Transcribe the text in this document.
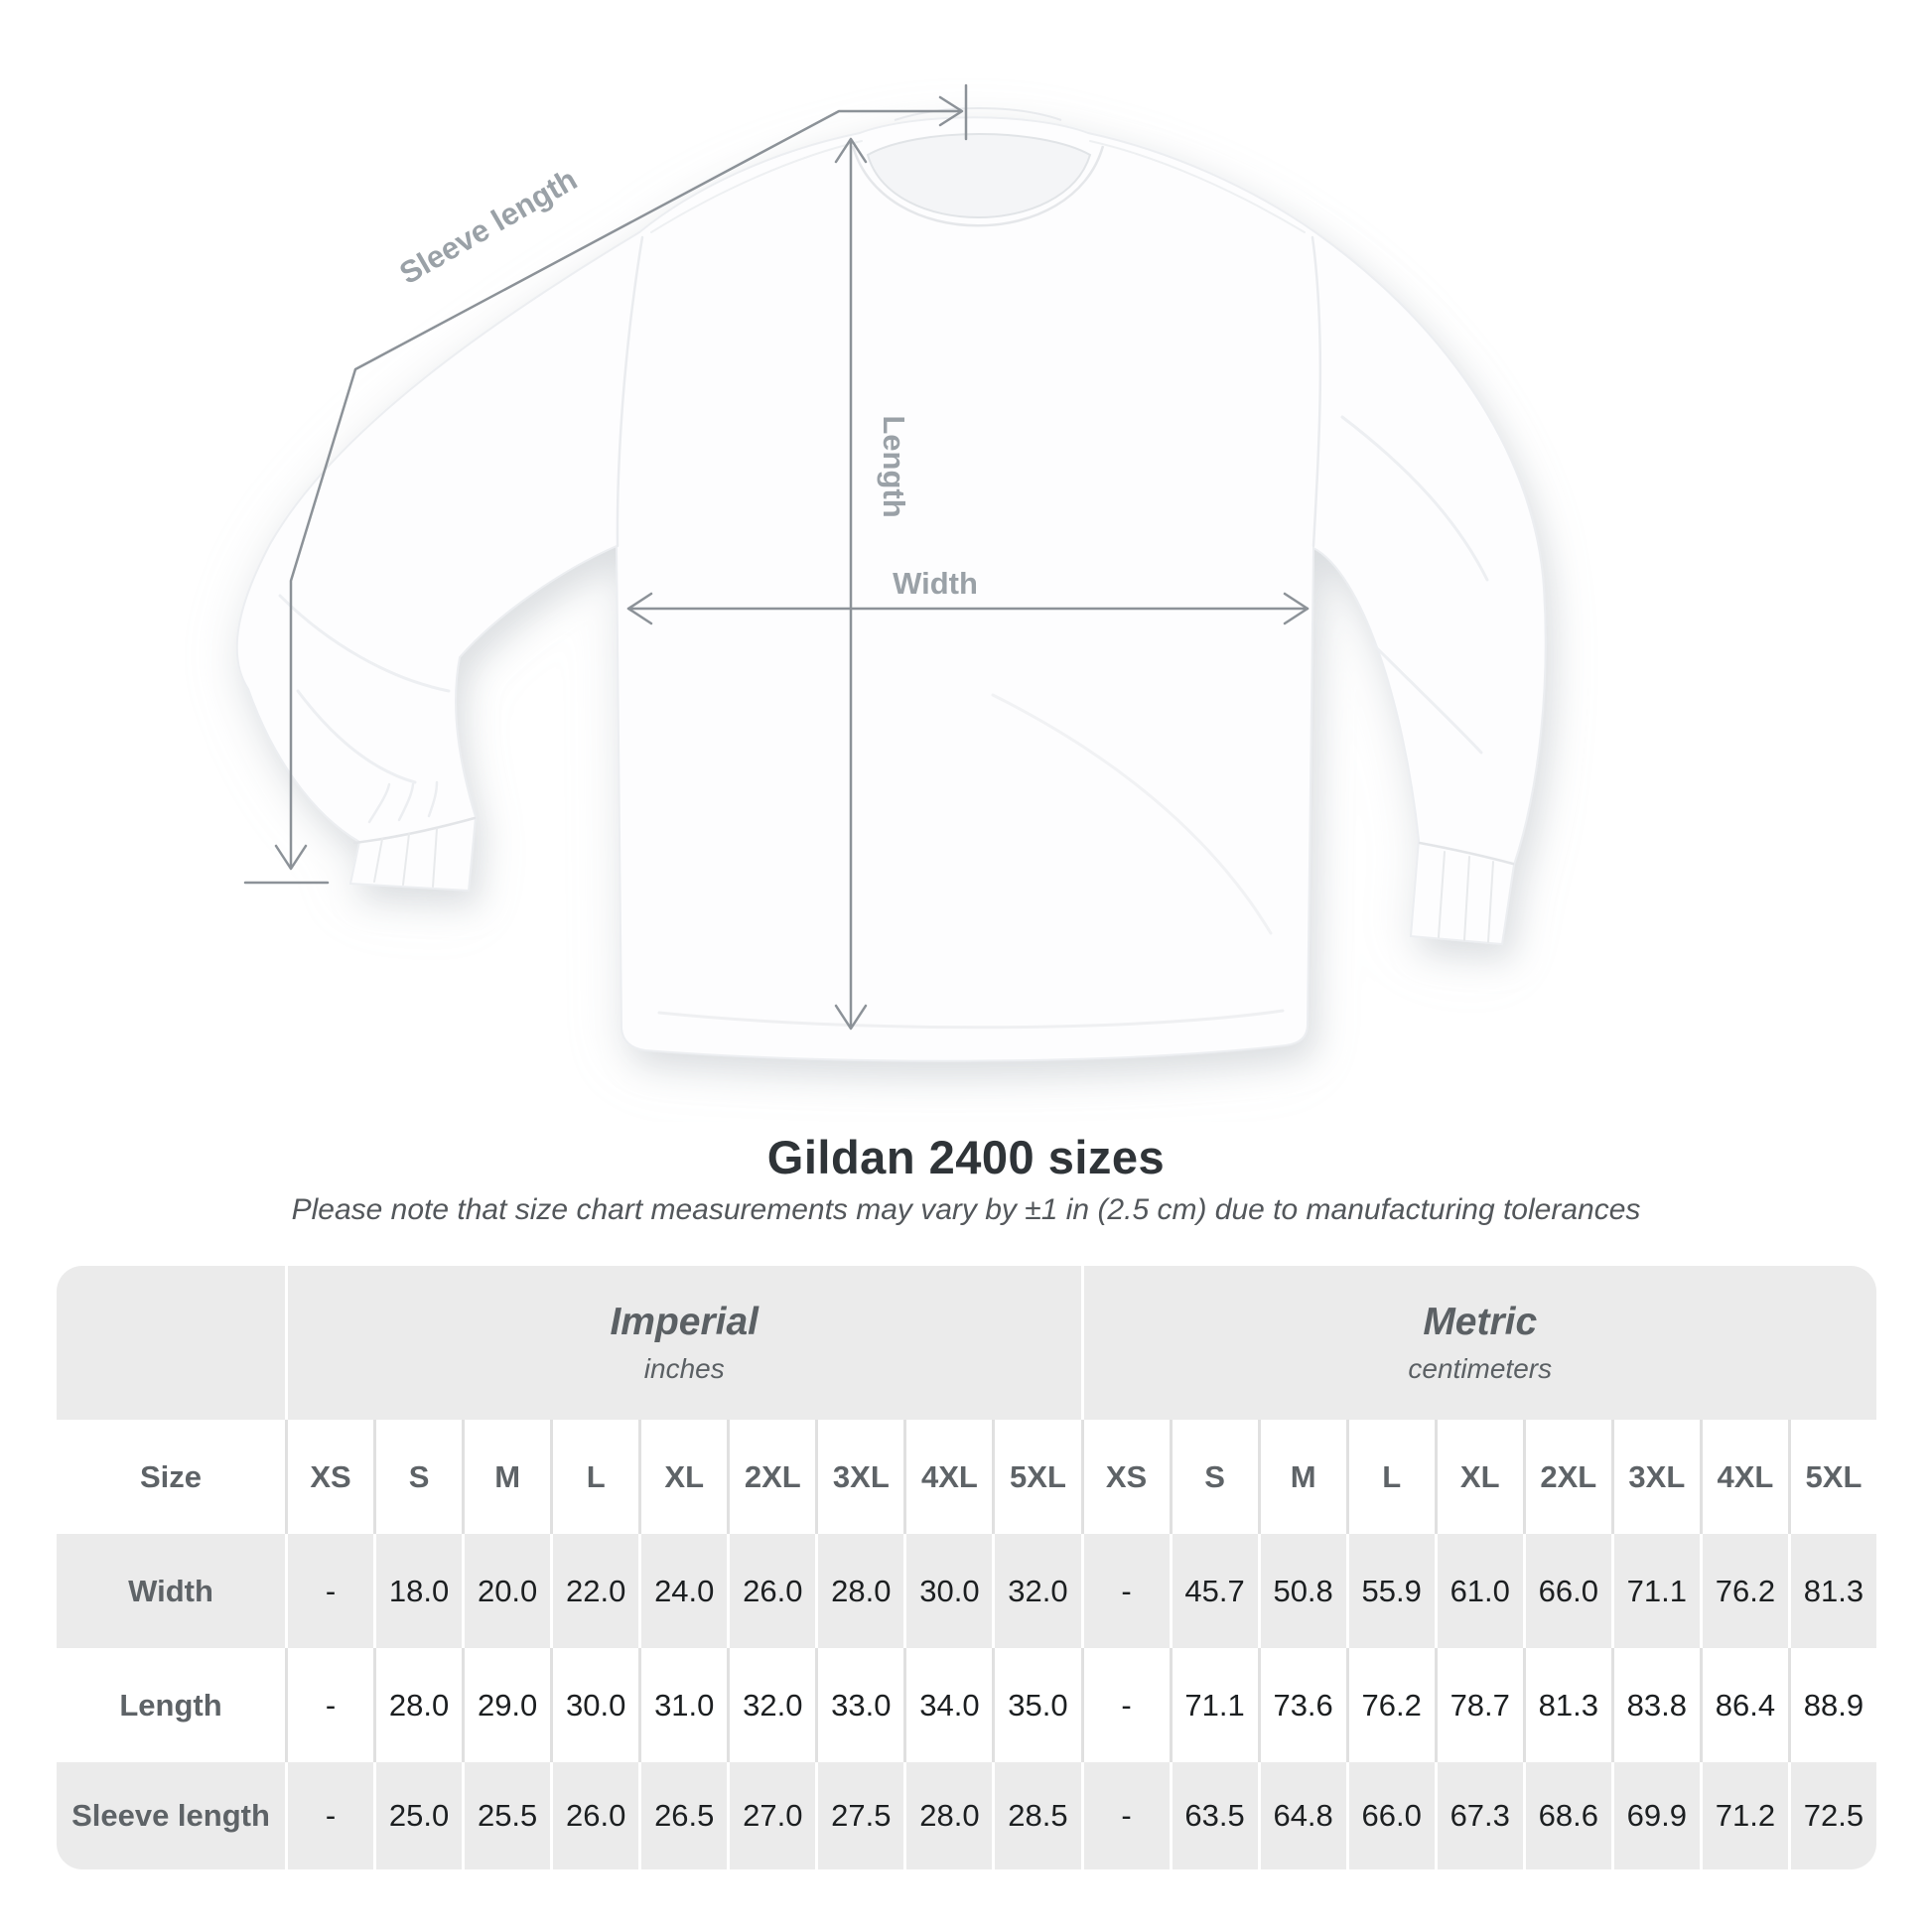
Width
Length
Sleeve length
Gildan 2400 sizes
Please note that size chart measurements may vary by ±1 in (2.5 cm) due to manufacturing tolerances
Imperial
inches
Metric
centimeters
Size	XS	S	M	L	XL	2XL	3XL	4XL	5XL	XS	S	M	L	XL	2XL	3XL	4XL	5XL
Width	-	18.0 20.0 22.0 24.0 26.0 28.0 30.0 32.0	-	45.7 50.8 55.9 61.0 66.0 71.1 76.2 81.3
Length	-	28.0 29.0 30.0 31.0 32.0 33.0 34.0 35.0	-	71.1 73.6 76.2 78.7 81.3 83.8 86.4 88.9
Sleeve length	-	25.0 25.5 26.0 26.5 27.0 27.5 28.0 28.5	-	63.5 64.8 66.0 67.3 68.6 69.9 71.2 72.5
